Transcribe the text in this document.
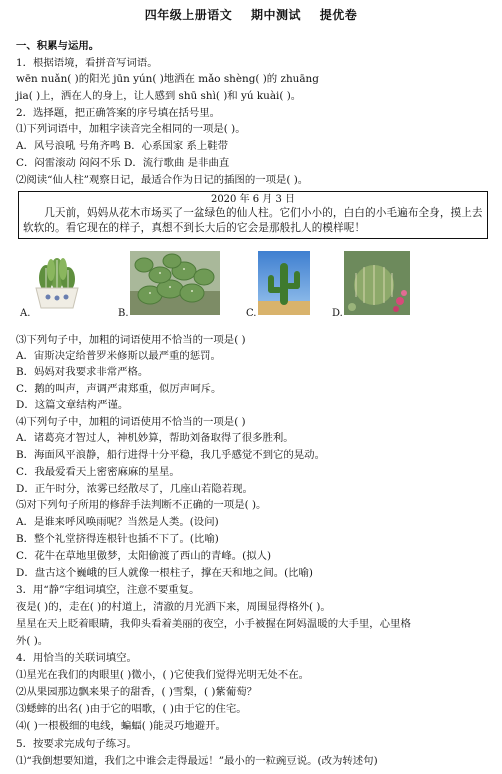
四年级上册语文    期中测试    提优卷
一、积累与运用。
1．根据语境，看拼音写词语。
wēn nuǎn( )的阳光 jūn yún( )地洒在 mǎo shèng( )的 zhuāng
jia( )上，洒在人的身上，让人感到 shū shì( )和 yú kuài( )。
2．选择题，把正确答案的序号填在括号里。
⑴下列词语中，加粗字读音完全相同的一项是( )。
A．风号浪吼 号角齐鸣 B．心系国家 系上鞋带
C．闷雷滚动 闷闷不乐 D．流行歌曲 是非曲直
⑵阅读“仙人柱”观察日记，最适合作为日记的插图的一项是( )。
⑶下列句子中，加粗的词语使用不恰当的一项是( )
A．宙斯决定给普罗米修斯以最严重的惩罚。
B．妈妈对我要求非常严格。
C．鹅的叫声，声调严肃郑重，似厉声呵斥。
D．这篇文章结构严谨。
⑷下列句子中，加粗的词语使用不恰当的一项是( )
A．诸葛亮才智过人，神机妙算，帮助刘备取得了很多胜利。
B．海面风平浪静，船行进得十分平稳，我几乎感觉不到它的晃动。
C．我最爱看天上密密麻麻的星星。
D．正午时分，浓雾已经散尽了，几座山若隐若现。
⑸对下列句子所用的修辞手法判断不正确的一项是( )。
A．是谁来呼风唤雨呢？当然是人类。(设问)
B．整个礼堂挤得连根针也插不下了。(比喻)
C．花牛在草地里傲梦，太阳偷渡了西山的青峰。(拟人)
D．盘古这个巍峨的巨人就像一根柱子，撑在天和地之间。(比喻)
3．用“静”字组词填空，注意不要重复。
夜是( )的，走在( )的村道上，清澈的月光洒下来，周围显得格外( )。
星星在天上眨着眼睛，我仰头看着美丽的夜空，小手被握在阿妈温暖的大手里，心里格
外( )。
4．用恰当的关联词填空。
⑴星光在我们的肉眼里( )微小，( )它使我们觉得光明无处不在。
⑵从果园那边飘来果子的甜香，( )雪梨，( )紫葡萄？
⑶蟋蟀的出名( )由于它的唱歌，( )由于它的住宅。
⑷( )一根极细的电线，蝙蝠( )能灵巧地避开。
5．按要求完成句子练习。
⑴“我倒想要知道，我们之中谁会走得最远！”最小的一粒豌豆说。(改为转述句)
2020 年 6 月 3 日
几天前，妈妈从花木市场买了一盆绿色的仙人柱。它们小小的，白白的小毛遍布全身，摸上去软软的。看它现在的样子，真想不到长大后的它会是那般扎人的模样呢！
A.	B.	C.	D.
